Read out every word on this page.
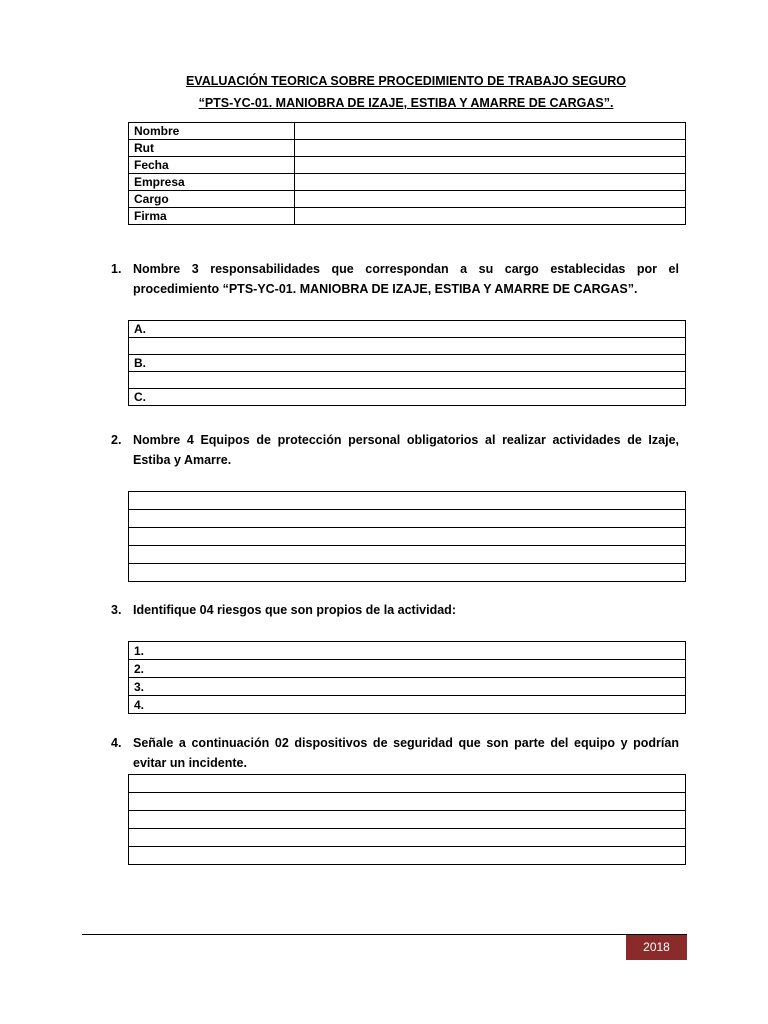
EVALUACIÓN TEORICA SOBRE PROCEDIMIENTO DE TRABAJO SEGURO
“PTS-YC-01. MANIOBRA DE IZAJE, ESTIBA Y AMARRE DE CARGAS”.
Nombre	
Rut	
Fecha	
Empresa	
Cargo	
Firma	
1. Nombre 3 responsabilidades que correspondan a su cargo establecidas por el procedimiento “PTS-YC-01. MANIOBRA DE IZAJE, ESTIBA Y AMARRE DE CARGAS”.
A.

B.

C.
2. Nombre 4 Equipos de protección personal obligatorios al realizar actividades de Izaje, Estiba y Amarre.

3. Identifique 04 riesgos que son propios de la actividad:
1.
2.
3.
4.
4. Señale a continuación 02 dispositivos de seguridad que son parte del equipo y podrían evitar un incidente.

2018
